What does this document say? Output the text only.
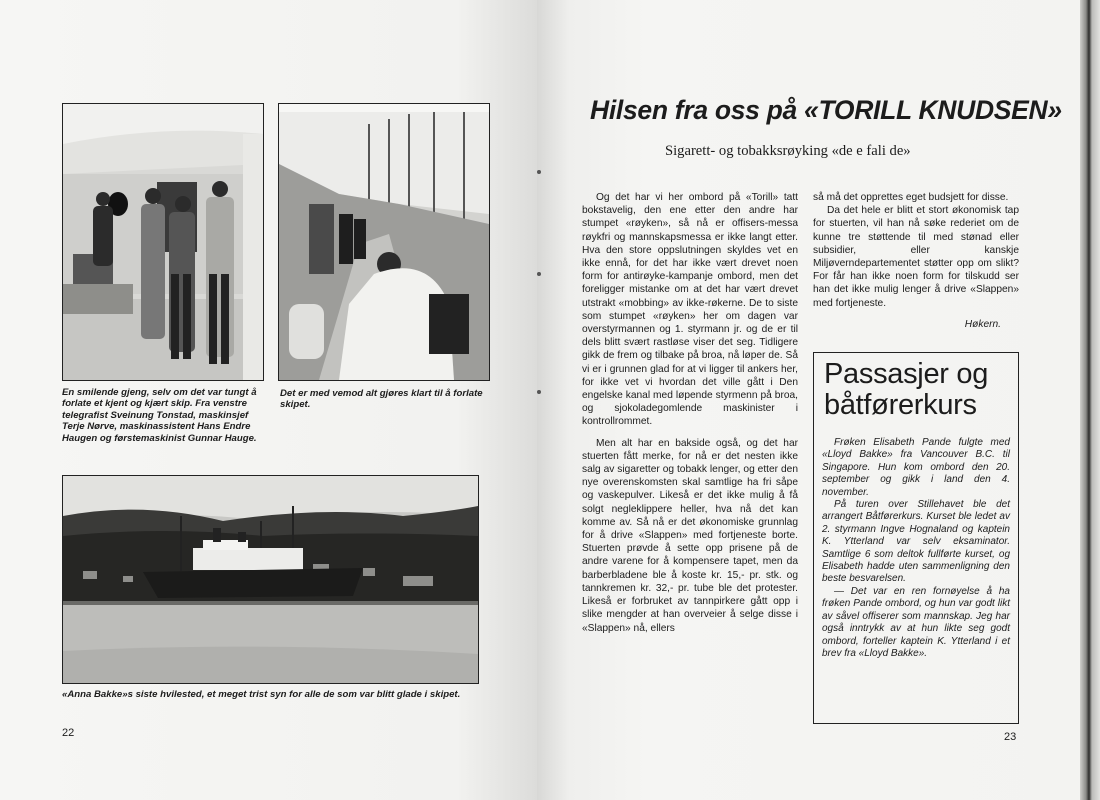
En smilende gjeng, selv om det var tungt å forlate et kjent og kjært skip. Fra venstre telegrafist Sveinung Tonstad, maskinsjef Terje Nørve, maskinassistent Hans Endre Haugen og førstemaskinist Gunnar Hauge.

Det er med vemod alt gjøres klart til å forlate skipet.

«Anna Bakke»s siste hvilested, et meget trist syn for alle de som var blitt glade i skipet.

22
Hilsen fra oss på «TORILL KNUDSEN»

Sigarett- og tobakksrøyking «de e fali de»

Og det har vi her ombord på «Torill» tatt bokstavelig, den ene etter den andre har stumpet «røyken», så nå er offisers-messa røykfri og mannskapsmessa er ikke langt etter. Hva den store oppslutningen skyldes vet en ikke ennå, for det har ikke vært drevet noen form for antirøyke-kampanje ombord, men det foreligger mistanke om at det har vært drevet utstrakt «mobbing» av ikke-røkerne. De to siste som stumpet «røyken» her om dagen var overstyrmannen og 1. styrmann jr. og de er til dels blitt svært rastløse viser det seg. Tidligere gikk de frem og tilbake på broa, nå løper de. Så vi er i grunnen glad for at vi ligger til ankers her, for ikke vet vi hvordan det ville gått i Den engelske kanal med løpende styrmenn på broa, og sjokoladegomlende maskinister i kontrollrommet.

Men alt har en bakside også, og det har stuerten fått merke, for nå er det nesten ikke salg av sigaretter og tobakk lenger, og etter den nye overenskomsten skal samtlige ha fri såpe og vaskepulver. Likeså er det ikke mulig å få solgt negleklippere heller, hva nå det kan komme av. Så nå er det økonomiske grunnlag for å drive «Slappen» med fortjeneste borte. Stuerten prøvde å sette opp prisene på de andre varene for å kompensere tapet, men da barberbladene ble å koste kr. 15,- pr. stk. og tannkremen kr. 32,- pr. tube ble det protester. Likeså er forbruket av tannpirkere gått opp i slike mengder at han overveier å selge disse i «Slappen» nå, ellers

så må det opprettes eget budsjett for disse.

Da det hele er blitt et stort økonomisk tap for stuerten, vil han nå søke rederiet om de kunne tre støttende til med stønad eller subsidier, eller kanskje Miljøverndepartementet støtter opp om slikt? For får han ikke noen form for tilskudd ser han det ikke mulig lenger å drive «Slappen» med fortjeneste.

Høkern.

Passasjer og båtførerkurs

Frøken Elisabeth Pande fulgte med «Lloyd Bakke» fra Vancouver B.C. til Singapore. Hun kom ombord den 20. september og gikk i land den 4. november.

På turen over Stillehavet ble det arrangert Båtførerkurs. Kurset ble ledet av 2. styrmann Ingve Hognaland og kaptein K. Ytterland var selv eksaminator. Samtlige 6 som deltok fullførte kurset, og Elisabeth hadde uten sammenligning den beste besvarelsen.

— Det var en ren fornøyelse å ha frøken Pande ombord, og hun var godt likt av såvel offiserer som mannskap. Jeg har også inntrykk av at hun likte seg godt ombord, forteller kaptein K. Ytterland i et brev fra «Lloyd Bakke».

23
